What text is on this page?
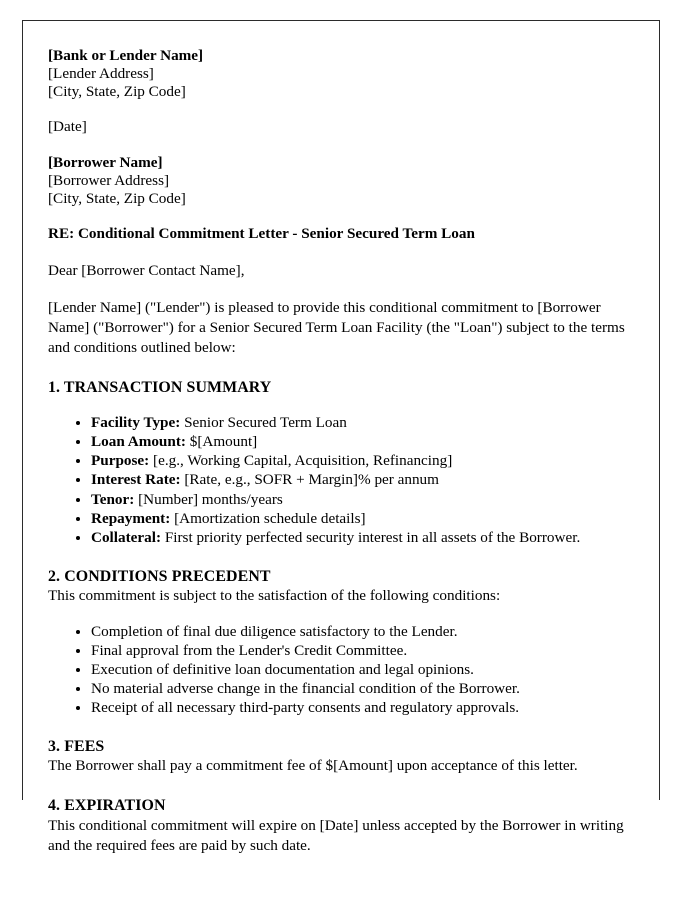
[Bank or Lender Name]
[Lender Address]
[City, State, Zip Code]
[Date]
[Borrower Name]
[Borrower Address]
[City, State, Zip Code]
RE: Conditional Commitment Letter - Senior Secured Term Loan
Dear [Borrower Contact Name],
[Lender Name] ("Lender") is pleased to provide this conditional commitment to [Borrower Name] ("Borrower") for a Senior Secured Term Loan Facility (the "Loan") subject to the terms and conditions outlined below:
1. TRANSACTION SUMMARY
• Facility Type: Senior Secured Term Loan
• Loan Amount: $[Amount]
• Purpose: [e.g., Working Capital, Acquisition, Refinancing]
• Interest Rate: [Rate, e.g., SOFR + Margin]% per annum
• Tenor: [Number] months/years
• Repayment: [Amortization schedule details]
• Collateral: First priority perfected security interest in all assets of the Borrower.
2. CONDITIONS PRECEDENT
This commitment is subject to the satisfaction of the following conditions:
• Completion of final due diligence satisfactory to the Lender.
• Final approval from the Lender's Credit Committee.
• Execution of definitive loan documentation and legal opinions.
• No material adverse change in the financial condition of the Borrower.
• Receipt of all necessary third-party consents and regulatory approvals.
3. FEES
The Borrower shall pay a commitment fee of $[Amount] upon acceptance of this letter.
4. EXPIRATION
This conditional commitment will expire on [Date] unless accepted by the Borrower in writing and the required fees are paid by such date.
